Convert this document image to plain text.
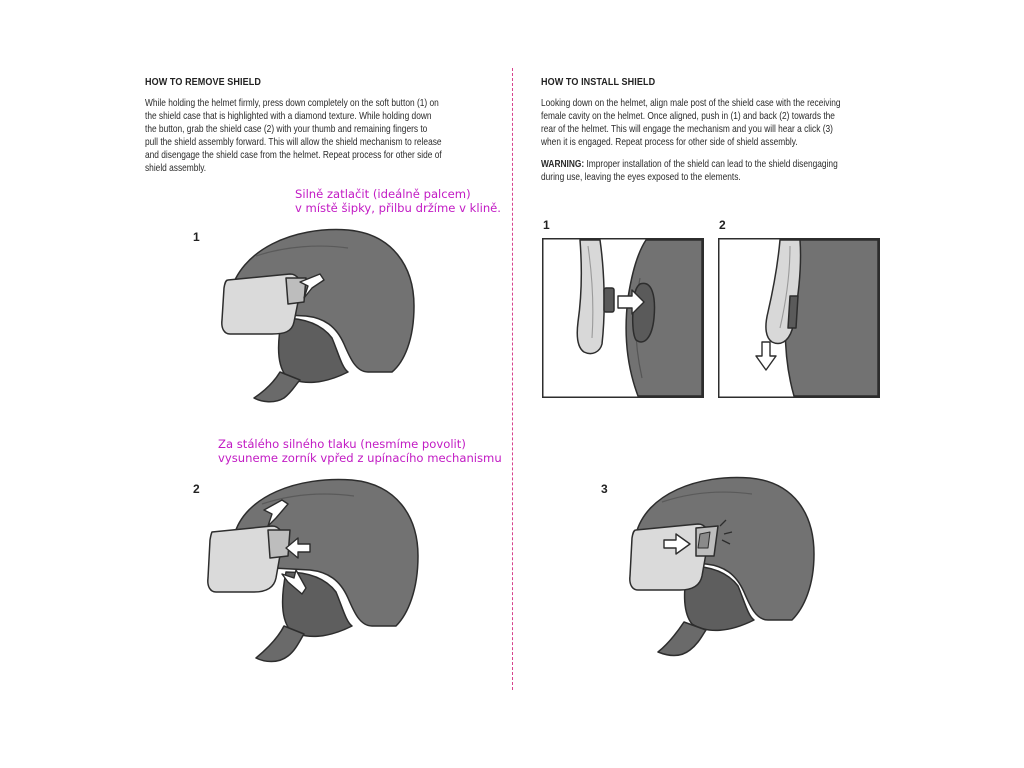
HOW TO REMOVE SHIELD
While holding the helmet firmly, press down completely on the soft button (1) on
the shield case that is highlighted with a diamond texture. While holding down
the button, grab the shield case (2) with your thumb and remaining fingers to
pull the shield assembly forward. This will allow the shield mechanism to release
and disengage the shield case from the helmet. Repeat process for other side of
shield assembly.
Silně zatlačit (ideálně palcem)
v místě šipky, přilbu držíme v klině.
1
Za stálého silného tlaku (nesmíme povolit)
vysuneme zorník vpřed z upínacího mechanismu
2
HOW TO INSTALL SHIELD
Looking down on the helmet, align male post of the shield case with the receiving
female cavity on the helmet. Once aligned, push in (1) and back (2) towards the
rear of the helmet. This will engage the mechanism and you will hear a click (3)
when it is engaged. Repeat process for other side of shield assembly.
WARNING: Improper installation of the shield can lead to the shield disengaging
during use, leaving the eyes exposed to the elements.
1	2
3
